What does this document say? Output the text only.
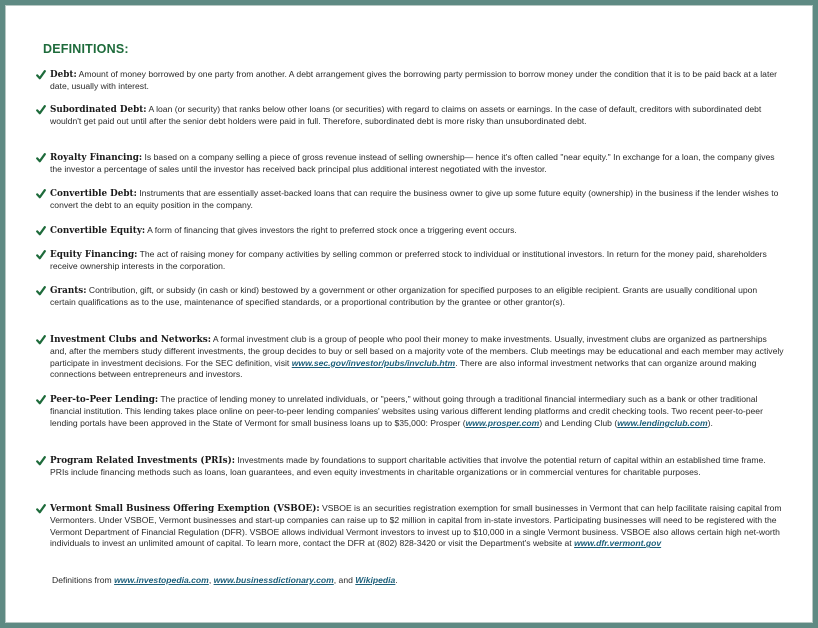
DEFINITIONS:
Debt: Amount of money borrowed by one party from another. A debt arrangement gives the borrowing party permission to borrow money under the condition that it is to be paid back at a later date, usually with interest.
Subordinated Debt: A loan (or security) that ranks below other loans (or securities) with regard to claims on assets or earnings. In the case of default, creditors with subordinated debt wouldn't get paid out until after the senior debt holders were paid in full. Therefore, subordinated debt is more risky than unsubordinated debt.
Royalty Financing: Is based on a company selling a piece of gross revenue instead of selling ownership— hence it's often called "near equity." In exchange for a loan, the company gives the investor a percentage of sales until the investor has received back principal plus additional interest negotiated with the investor.
Convertible Debt: Instruments that are essentially asset-backed loans that can require the business owner to give up some future equity (ownership) in the business if the lender wishes to convert the debt to an equity position in the company.
Convertible Equity: A form of financing that gives investors the right to preferred stock once a triggering event occurs.
Equity Financing: The act of raising money for company activities by selling common or preferred stock to individual or institutional investors. In return for the money paid, shareholders receive ownership interests in the corporation.
Grants: Contribution, gift, or subsidy (in cash or kind) bestowed by a government or other organization for specified purposes to an eligible recipient. Grants are usually conditional upon certain qualifications as to the use, maintenance of specified standards, or a proportional contribution by the grantee or other grantor(s).
Investment Clubs and Networks: A formal investment club is a group of people who pool their money to make investments. Usually, investment clubs are organized as partnerships and, after the members study different investments, the group decides to buy or sell based on a majority vote of the members. Club meetings may be educational and each member may actively participate in investment decisions. For the SEC definition, visit www.sec.gov/investor/pubs/invclub.htm. There are also informal investment networks that can organize around making connections between entrepreneurs and investors.
Peer-to-Peer Lending: The practice of lending money to unrelated individuals, or "peers," without going through a traditional financial intermediary such as a bank or other traditional financial institution. This lending takes place online on peer-to-peer lending companies' websites using various different lending platforms and credit checking tools. Two recent peer-to-peer lending portals have been approved in the State of Vermont for small business loans up to $35,000: Prosper (www.prosper.com) and Lending Club (www.lendingclub.com).
Program Related Investments (PRIs): Investments made by foundations to support charitable activities that involve the potential return of capital within an established time frame. PRIs include financing methods such as loans, loan guarantees, and even equity investments in charitable organizations or in commercial ventures for charitable purposes.
Vermont Small Business Offering Exemption (VSBOE): VSBOE is an securities registration exemption for small businesses in Vermont that can help facilitate raising capital from Vermonters. Under VSBOE, Vermont businesses and start-up companies can raise up to $2 million in capital from in-state investors. Participating businesses will need to be registered with the Vermont Department of Financial Regulation (DFR). VSBOE allows individual Vermont investors to invest up to $10,000 in a single Vermont business. VSBOE also allows certain high net-worth individuals to invest an unlimited amount of capital. To learn more, contact the DFR at (802) 828-3420 or visit the Department's website at www.dfr.vermont.gov
Definitions from www.investopedia.com, www.businessdictionary.com, and Wikipedia.
